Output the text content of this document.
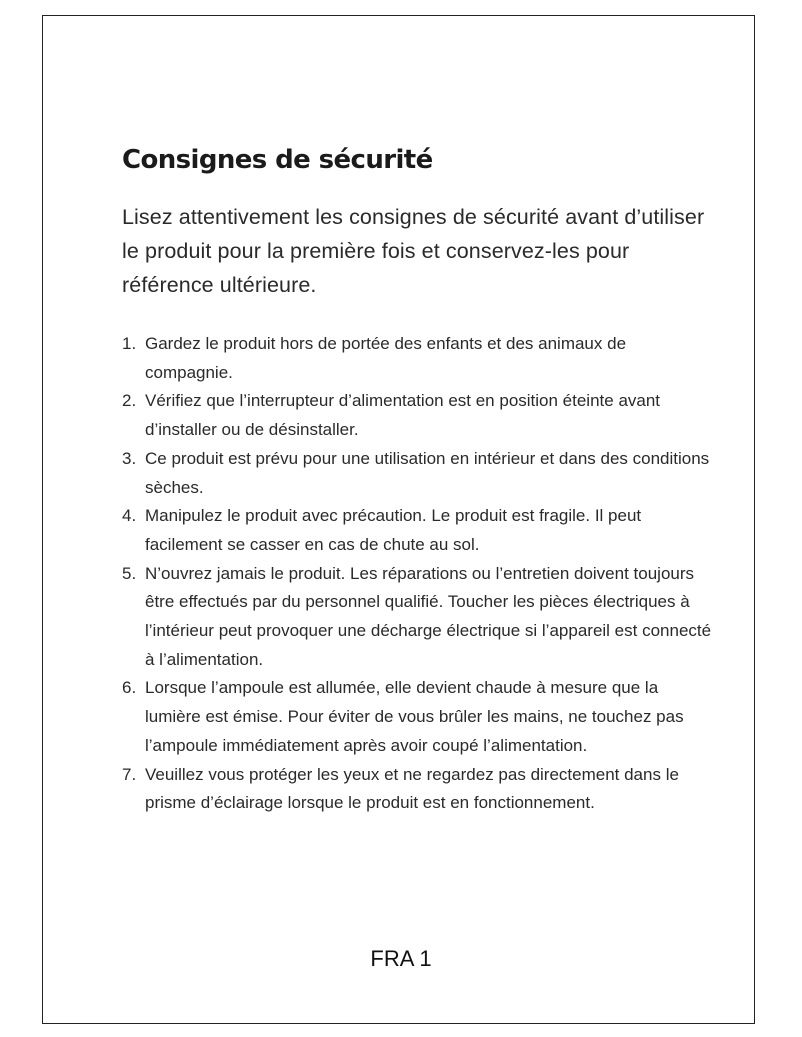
Consignes de sécurité

Lisez attentivement les consignes de sécurité avant d’utiliser le produit pour la première fois et conservez-les pour référence ultérieure.

1. Gardez le produit hors de portée des enfants et des animaux de compagnie.
2. Vérifiez que l’interrupteur d’alimentation est en position éteinte avant d’installer ou de désinstaller.
3. Ce produit est prévu pour une utilisation en intérieur et dans des conditions sèches.
4. Manipulez le produit avec précaution. Le produit est fragile. Il peut facilement se casser en cas de chute au sol.
5. N’ouvrez jamais le produit. Les réparations ou l’entretien doivent toujours être effectués par du personnel qualifié. Toucher les pièces électriques à l’intérieur peut provoquer une décharge électrique si l’appareil est connecté à l’alimentation.
6. Lorsque l’ampoule est allumée, elle devient chaude à mesure que la lumière est émise. Pour éviter de vous brûler les mains, ne touchez pas l’ampoule immédiatement après avoir coupé l’alimentation.
7. Veuillez vous protéger les yeux et ne regardez pas directement dans le prisme d’éclairage lorsque le produit est en fonctionnement.
FRA 1
